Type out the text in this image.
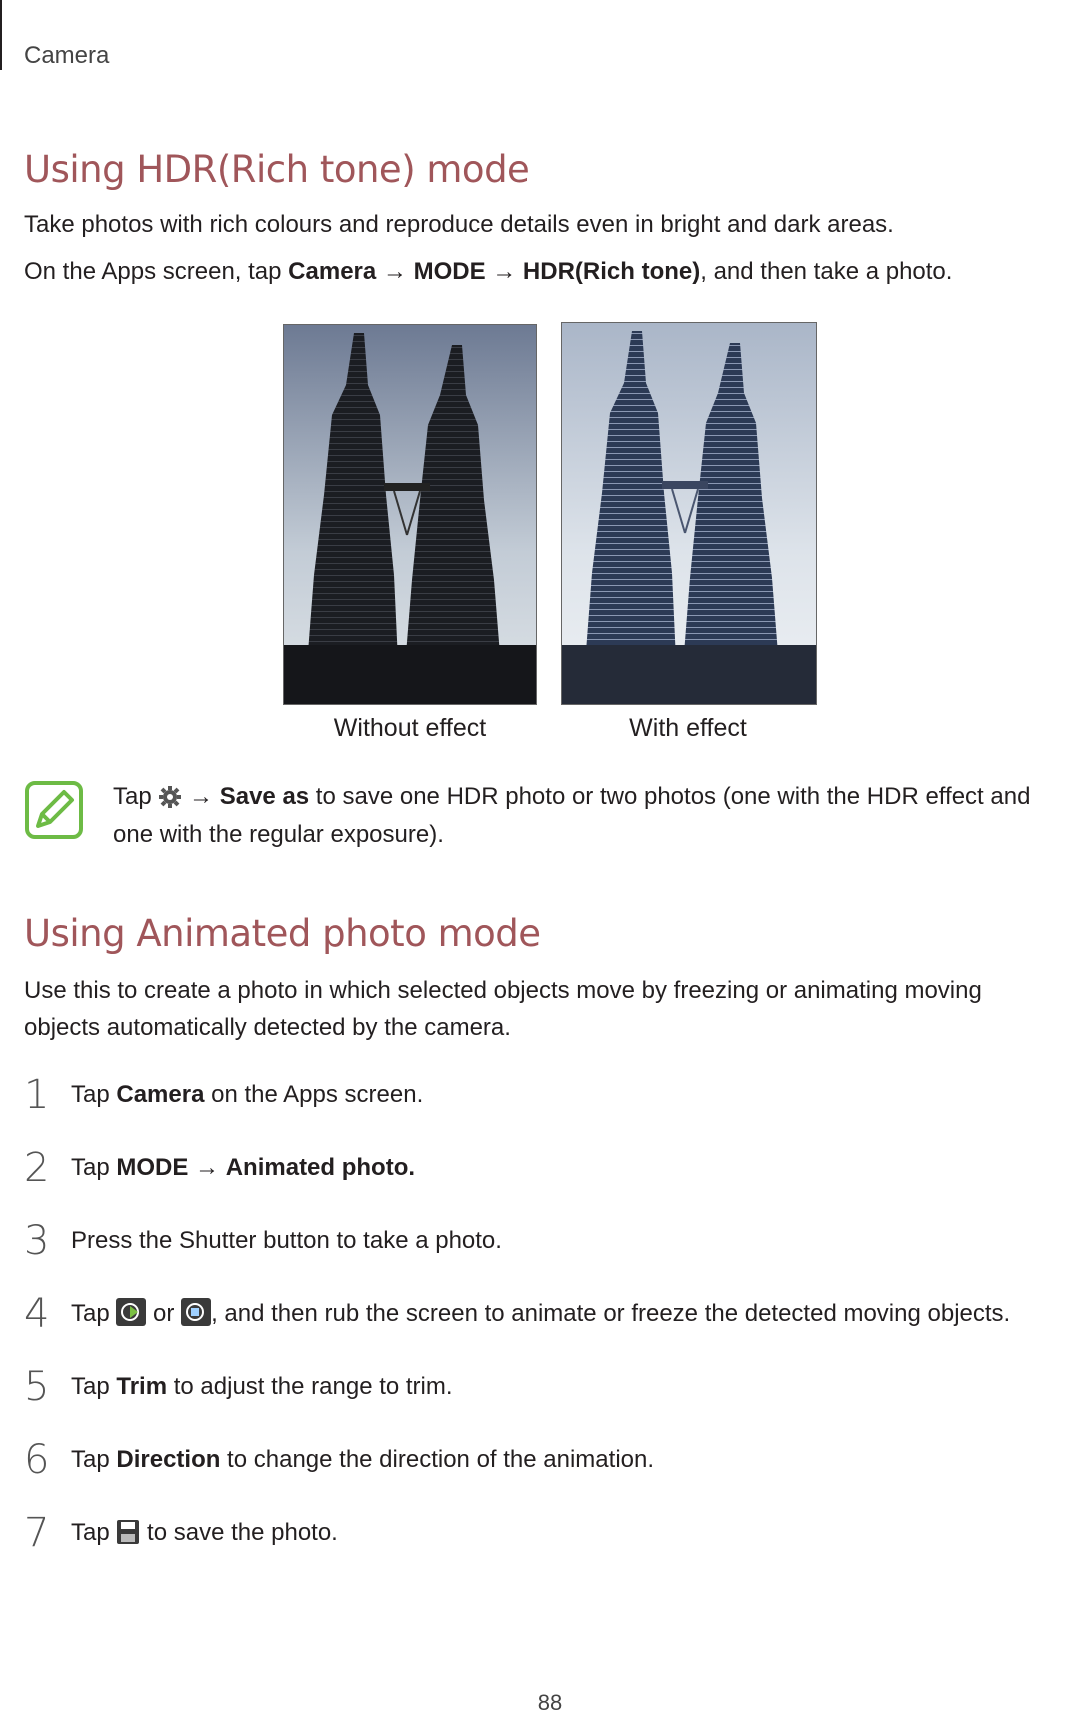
Camera
Using HDR(Rich tone) mode

Take photos with rich colours and reproduce details even in bright and dark areas.

On the Apps screen, tap Camera → MODE → HDR(Rich tone), and then take a photo.

Without effect	With effect

Tap  → Save as to save one HDR photo or two photos (one with the HDR effect and

one with the regular exposure).

Using Animated photo mode

Use this to create a photo in which selected objects move by freezing or animating moving

objects automatically detected by the camera.

1 Tap Camera on the Apps screen.
2 Tap MODE → Animated photo.
3 Press the Shutter button to take a photo.
4 Tap  or , and then rub the screen to animate or freeze the detected moving objects.
5 Tap Trim to adjust the range to trim.
6 Tap Direction to change the direction of the animation.
7 Tap  to save the photo.
88
